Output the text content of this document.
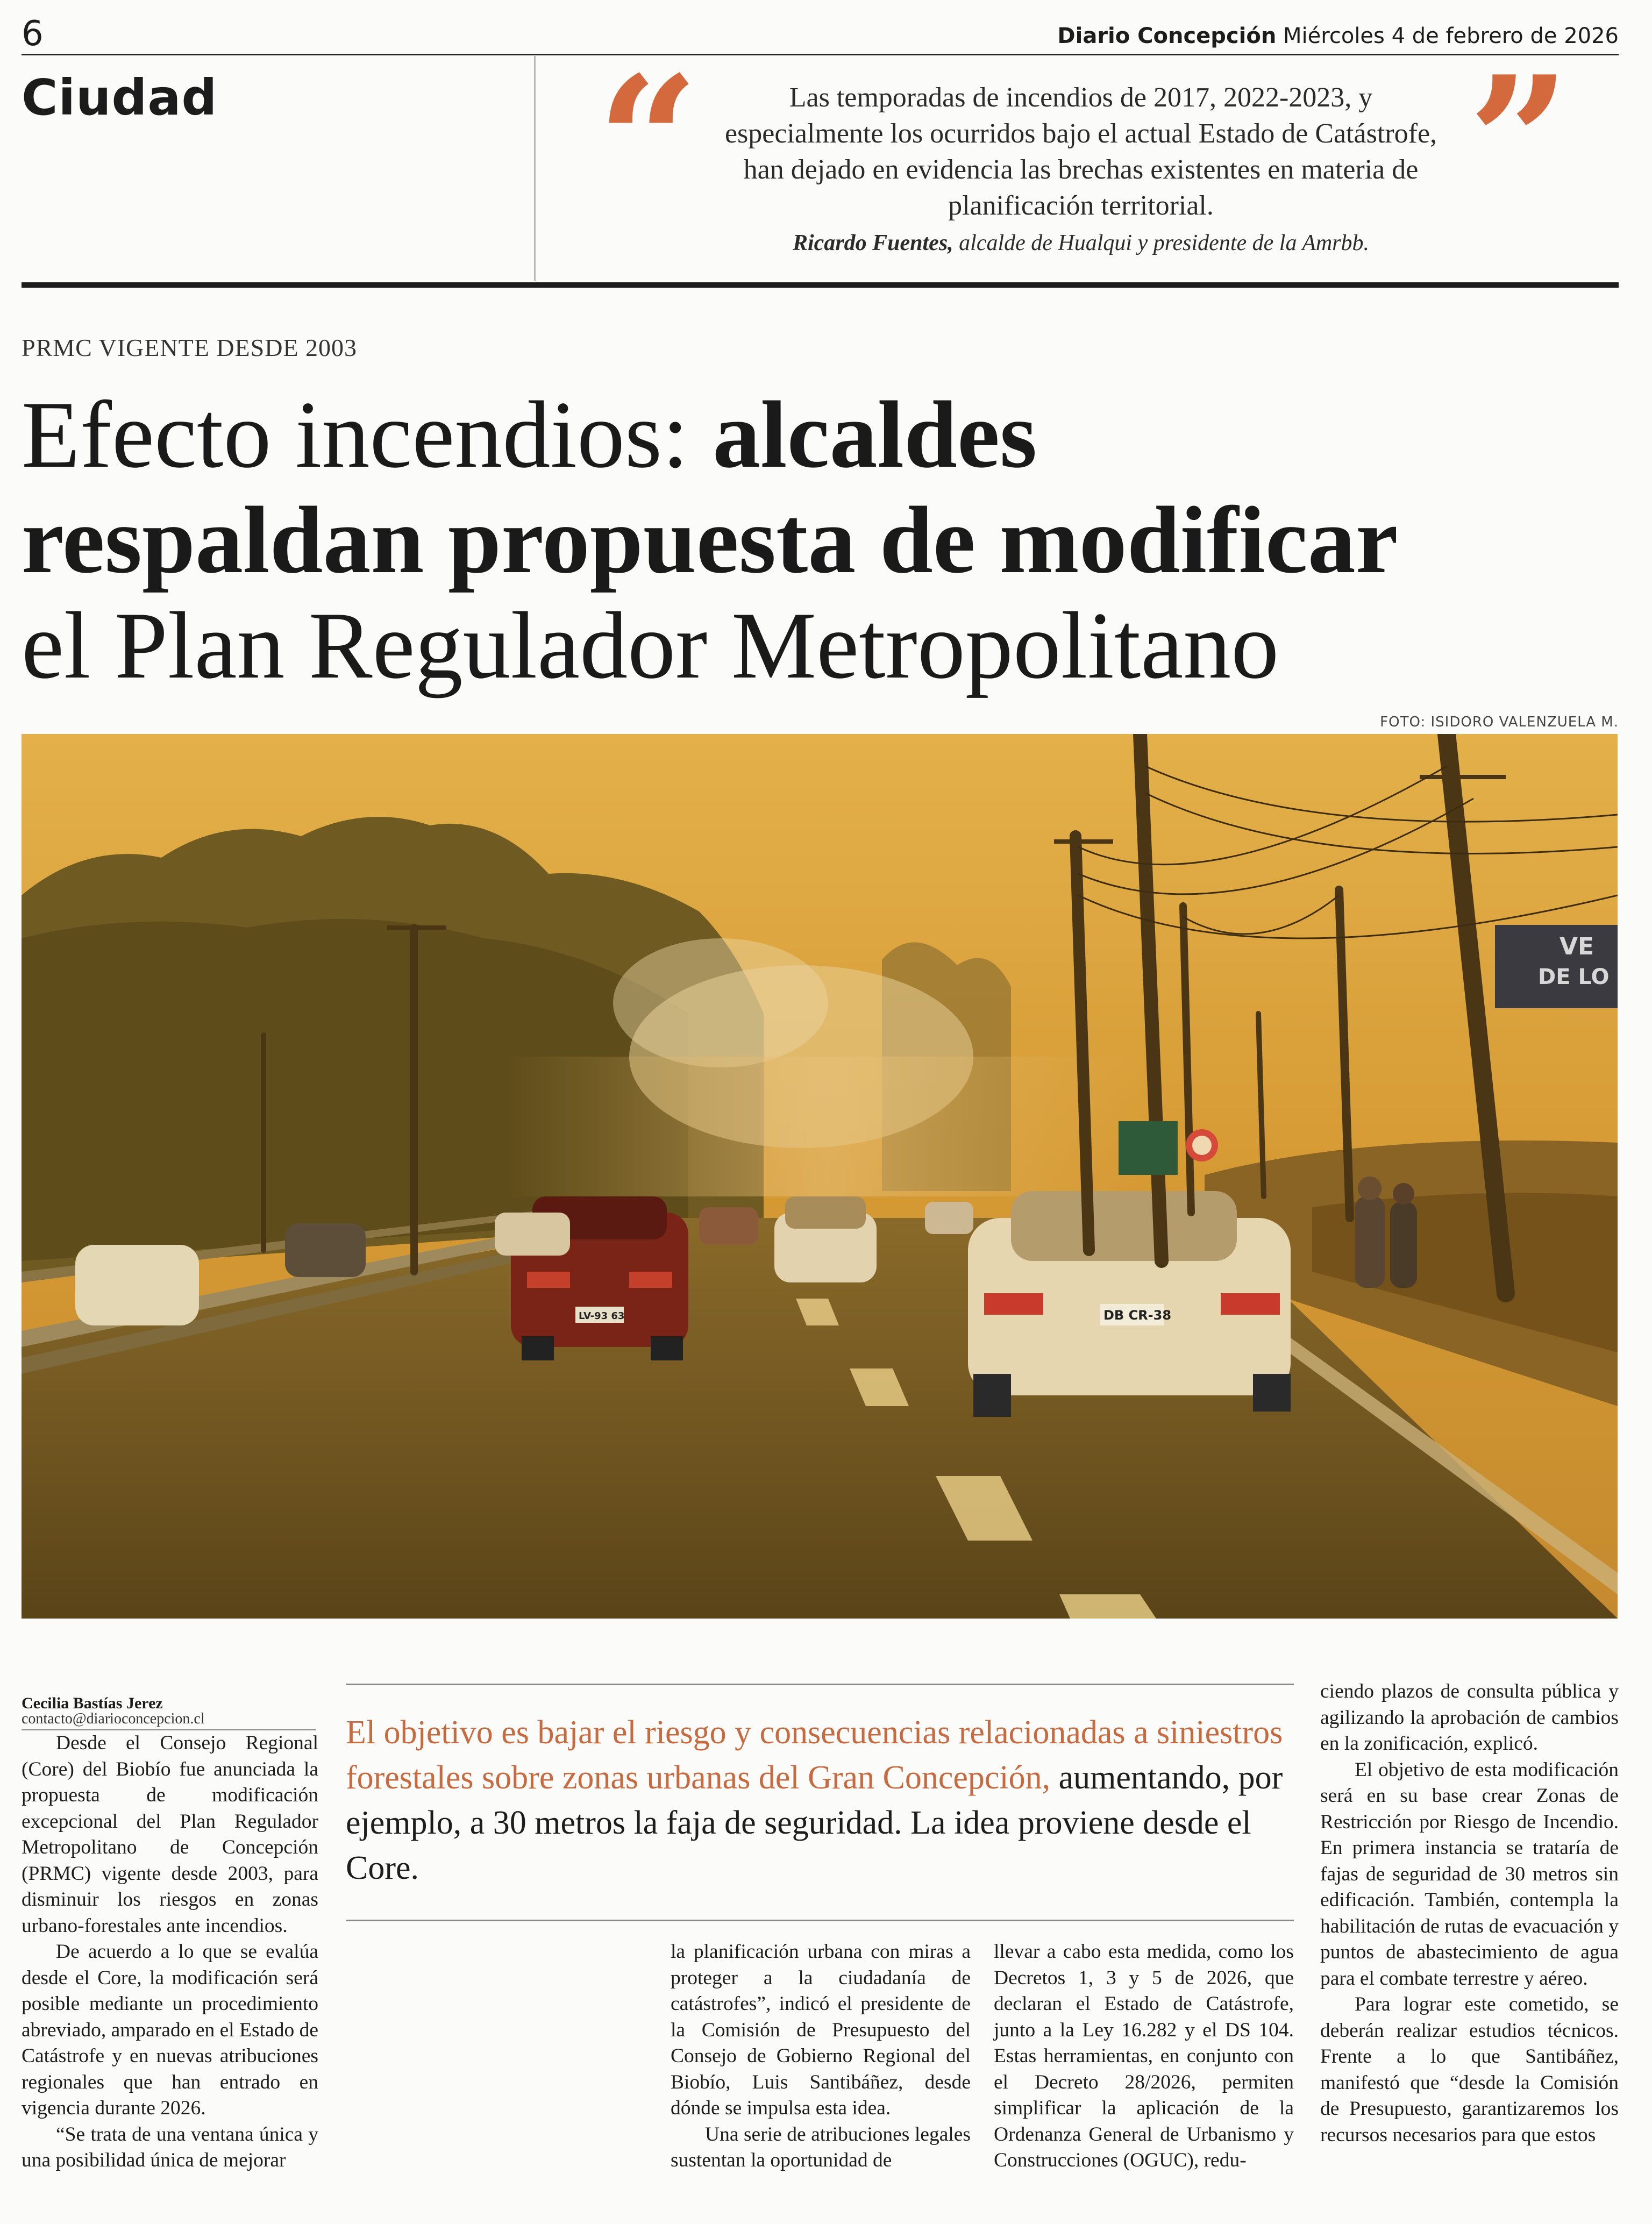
6	Diario Concepción Miércoles 4 de febrero de 2026
Ciudad “	Las temporadas de incendios de 2017, 2022-2023, y
especialmente los ocurridos bajo el actual Estado de Catástrofe,
han dejado en evidencia las brechas existentes en materia de
planificación territorial.	”
Ricardo Fuentes, alcalde de Hualqui y presidente de la Amrbb.
PRMC VIGENTE DESDE 2003
Efecto incendios: alcaldes
respaldan propuesta de modificar
el Plan Regulador Metropolitano
FOTO: ISIDORO VALENZUELA M.
VE
DE LO
LV-93 63	DB CR-38
Cecilia Bastías Jerez
contacto@diarioconcepcion.cl

Desde el Consejo Regional (Core) del Biobío fue anunciada la propuesta de modificación excepcional del Plan Regulador Metropolitano de Concepción (PRMC) vigente desde 2003, para disminuir los riesgos en zonas urbano-forestales ante incendios.

De acuerdo a lo que se evalúa desde el Core, la modificación será posible mediante un procedimiento abreviado, amparado en el Estado de Catástrofe y en nuevas atribuciones regionales que han entrado en vigencia durante 2026.

“Se trata de una ventana única y una posibilidad única de mejorar

El objetivo es bajar el riesgo y consecuencias relacionadas a siniestros forestales sobre zonas urbanas del Gran Concepción, aumentando, por ejemplo, a 30 metros la faja de seguridad. La idea proviene desde el Core.

la planificación urbana con miras a proteger a la ciudadanía de catástrofes”, indicó el presidente de la Comisión de Presupuesto del Consejo de Gobierno Regional del Biobío, Luis Santibáñez, desde dónde se impulsa esta idea.

Una serie de atribuciones legales sustentan la oportunidad de

llevar a cabo esta medida, como los Decretos 1, 3 y 5 de 2026, que declaran el Estado de Catástrofe, junto a la Ley 16.282 y el DS 104. Estas herramientas, en conjunto con el Decreto 28/2026, permiten simplificar la aplicación de la Ordenanza General de Urbanismo y Construcciones (OGUC), redu-

ciendo plazos de consulta pública y agilizando la aprobación de cambios en la zonificación, explicó.

El objetivo de esta modificación será en su base crear Zonas de Restricción por Riesgo de Incendio. En primera instancia se trataría de fajas de seguridad de 30 metros sin edificación. También, contempla la habilitación de rutas de evacuación y puntos de abastecimiento de agua para el combate terrestre y aéreo.

Para lograr este cometido, se deberán realizar estudios técnicos. Frente a lo que Santibáñez, manifestó que “desde la Comisión de Presupuesto, garantizaremos los recursos necesarios para que estos
